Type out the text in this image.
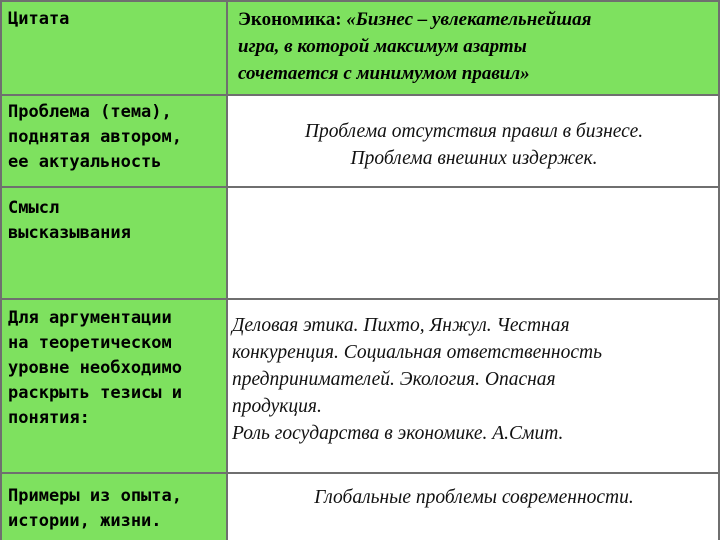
Цитата	Экономика: «Бизнес – увлекательнейшая
игра, в которой максимум азарты
сочетается с минимумом правил»
Проблема (тема),
поднятая автором,
ее актуальность
Смысл
высказывания
Для аргументации
на теоретическом
уровне необходимо
раскрыть тезисы и
понятия:
Примеры из опыта,
истории, жизни.
Проблема отсутствия правил в бизнесе.
Проблема внешних издержек.
Деловая этика. Пихто, Янжул. Честная
конкуренция. Социальная ответственность
предпринимателей. Экология. Опасная
продукция.
Роль государства в экономике. А.Смит.
Глобальные проблемы современности.
